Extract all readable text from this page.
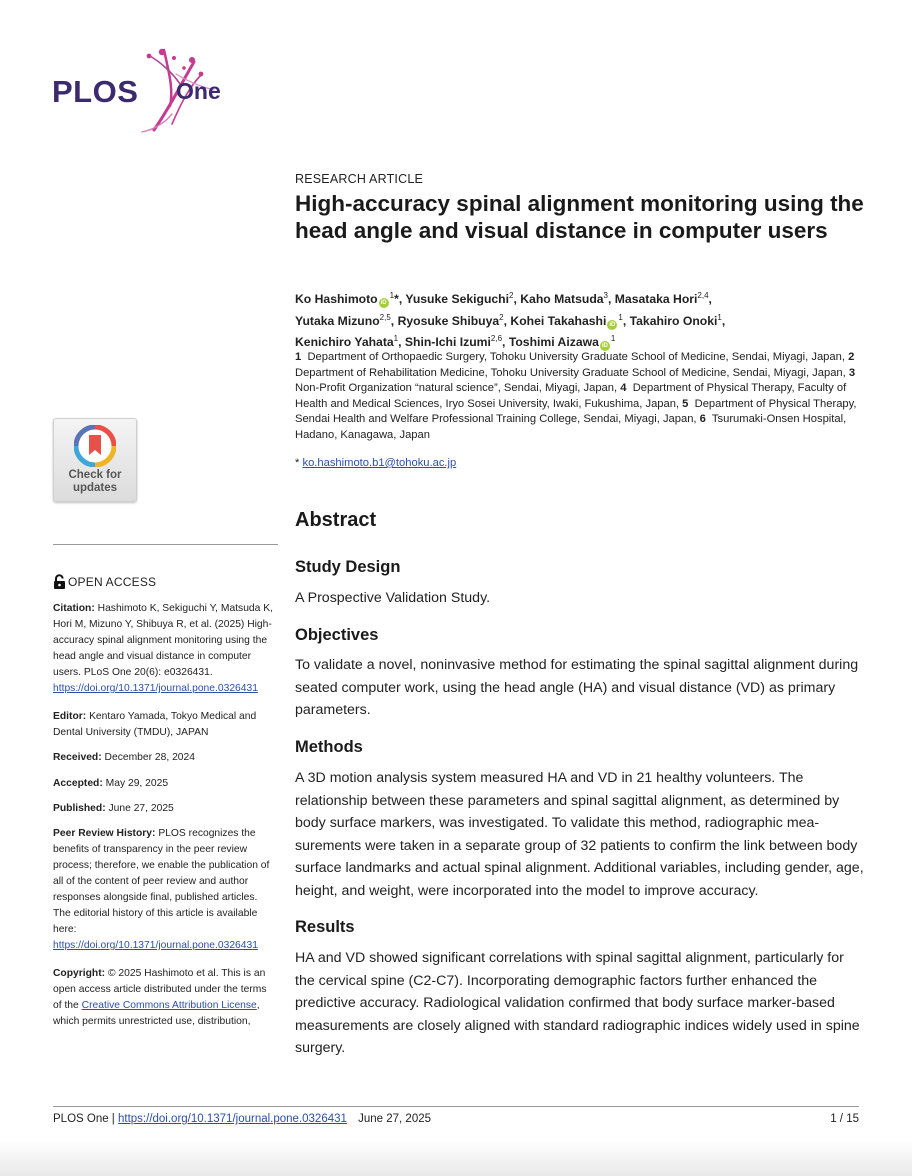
PLOS One
RESEARCH ARTICLE
High-accuracy spinal alignment monitoring using the head angle and visual distance in computer users
Ko Hashimoto $iD^1*$, Yusuke Sekiguchi$^2$, Kaho Matsuda$^3$, Masataka Hori$^{2,4}$,
Yutaka Mizuno$^{2,5}$, Ryosuke Shibuya$^2$, Kohei Takahashi $iD^1$, Takahiro Onoki$^1$,
Kenichiro Yahata$^1$, Shin-Ichi Izumi$^{2,6}$, Toshimi Aizawa $iD^1$
1 Department of Orthopaedic Surgery, Tohoku University Graduate School of Medicine, Sendai, Miyagi, Japan, 2  Department of Rehabilitation Medicine, Tohoku University Graduate School of Medicine, Sendai, Miyagi, Japan, 3  Non-Profit Organization “natural science”, Sendai, Miyagi, Japan, 4 Department of Physical Therapy, Faculty of Health and Medical Sciences, Iryo Sosei University, Iwaki, Fukushima, Japan, 5 Department of Physical Therapy, Sendai Health and Welfare Professional Training College, Sendai, Miyagi, Japan, 6 Tsurumaki-Onsen Hospital, Hadano, Kanagawa, Japan
* ko.hashimoto.b1@tohoku.ac.jp
Abstract
Study Design

A Prospective Validation Study.

Objectives

To validate a novel, noninvasive method for estimating the spinal sagittal alignment during seated computer work, using the head angle (HA) and visual distance (VD) as primary parameters.

Methods

A 3D motion analysis system measured HA and VD in 21 healthy volunteers. The relationship between these parameters and spinal sagittal alignment, as determined by body surface markers, was investigated. To validate this method, radiographic mea-surements were taken in a separate group of 32 patients to confirm the link between body surface landmarks and actual spinal alignment. Additional variables, including gender, age, height, and weight, were incorporated into the model to improve accuracy.

Results

HA and VD showed significant correlations with spinal sagittal alignment, particularly for the cervical spine (C2-C7). Incorporating demographic factors further enhanced the predictive accuracy. Radiological validation confirmed that body surface marker-based measurements are closely aligned with standard radiographic indices widely used in spine surgery.

Check for
updates
OPEN ACCESS
Citation: Hashimoto K, Sekiguchi Y, Matsuda K, Hori M, Mizuno Y, Shibuya R, et al. (2025) High-accuracy spinal alignment monitoring using the head angle and visual distance in computer users. PLoS One 20(6): e0326431. https://doi.org/10.1371/journal.pone.0326431
Editor: Kentaro Yamada, Tokyo Medical and Dental University (TMDU), JAPAN
Received: December 28, 2024
Accepted: May 29, 2025
Published: June 27, 2025
Peer Review History: PLOS recognizes the benefits of transparency in the peer review process; therefore, we enable the publication of all of the content of peer review and author responses alongside final, published articles. The editorial history of this article is available here: https://doi.org/10.1371/journal.pone.0326431
Copyright: © 2025 Hashimoto et al. This is an open access article distributed under the terms of the Creative Commons Attribution License, which permits unrestricted use, distribution,
PLOS One | https://doi.org/10.1371/journal.pone.0326431 June 27, 2025	1 / 15
